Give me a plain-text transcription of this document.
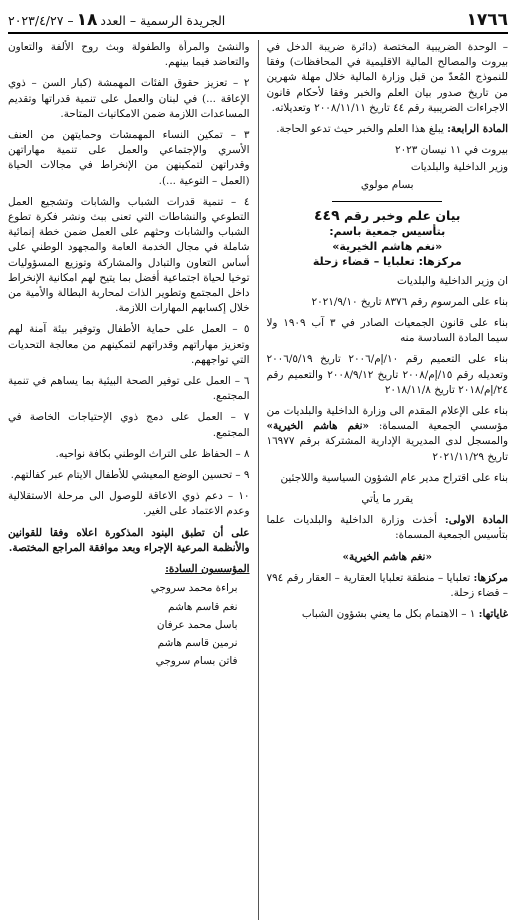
١٧٦٦
الجريدة الرسمية – العدد١٨– ٢٠٢٣/٤/٢٧

– الوحدة الضريبية المختصة (دائرة ضريبة الدخل في بيروت والمصالح المالية الاقليمية في المحافظات) وفقا للنموذج المُعدّ من قبل وزارة المالية خلال مهلة شهرين من تاريخ صدور بيان العلم والخبر وفقا لأحكام قانون الاجراءات الضريبية رقم ٤٤ تاريخ ٢٠٠٨/١١/١١ وتعديلاته.

المادة الرابعة: يبلغ هذا العلم والخبر حيث تدعو الحاجة.

بيروت في ١١ نيسان ٢٠٢٣

وزير الداخلية والبلديات

بسام مولوي

بيان علم وخبر رقم ٤٤٩
بتأسيس جمعية باسم:
«نغم هاشم الخيرية»
مركزها: تعلبايا – قضاء زحلة

ان وزير الداخلية والبلديات

بناء على المرسوم رقم ٨٣٧٦ تاريخ ٢٠٢١/٩/١٠

بناء على قانون الجمعيات الصادر في ٣ آب ١٩٠٩ ولا سيما المادة السادسة منه

بناء على التعميم رقم ١٠/إم/٢٠٠٦ تاريخ ٢٠٠٦/٥/١٩ وتعديله رقم ١٥/إم/٢٠٠٨ تاريخ ٢٠٠٨/٩/١٢ والتعميم رقم ٢٤/إم/٢٠١٨ تاريخ ٢٠١٨/١١/٨

بناء على الإعلام المقدم الى وزارة الداخلية والبلديات من مؤسسي الجمعية المسماة: «نغم هاشم الخيرية» والمسجل لدى المديرية الإدارية المشتركة برقم ١٦٩٧٧ تاريخ ٢٠٢١/١١/٢٩

بناء على اقتراح مدير عام الشؤون السياسية واللاجئين

يقرر ما يأتي

المادة الاولى: أخذت وزارة الداخلية والبلديات علما بتأسيس الجمعية المسماة:

«نغم هاشم الخيرية»

مركزها: تعلبايا – منطقة تعلبايا العقارية – العقار رقم ٧٩٤ – قضاء زحلة.

غاياتها: ١ – الاهتمام بكل ما يعني بشؤون الشباب

والنشئ والمرأة والطفولة وبث روح الألفة والتعاون والتعاضد فيما بينهم.

٢ – تعزيز حقوق الفئات المهمشة (كبار السن – ذوي الإعاقة ...) في لبنان والعمل على تنمية قدراتها وتقديم المساعدات اللازمة ضمن الامكانيات المتاحة.

٣ – تمكين النساء المهمشات وحمايتهن من العنف الأسري والإجتماعي والعمل على تنمية مهاراتهن وقدراتهن لتمكينهن من الإنخراط في مجالات الحياة (العمل – التوعية ...).

٤ – تنمية قدرات الشباب والشابات وتشجيع العمل التطوعي والنشاطات التي تعنى ببث ونشر فكرة تطوع الشباب والشابات وحثهم على العمل ضمن خطة إنمائية شاملة في مجال الخدمة العامة والمجهود الوطني على أساس التعاون والتبادل والمشاركة وتوزيع المسؤوليات توخيا لحياة اجتماعية أفضل بما يتيح لهم امكانية الإنخراط داخل المجتمع وتطوير الذات لمحاربة البطالة والأمية من خلال إكسابهم المهارات اللازمة.

٥ – العمل على حماية الأطفال وتوفير بيئة آمنة لهم وتعزيز مهاراتهم وقدراتهم لتمكينهم من معالجة التحديات التي تواجههم.

٦ – العمل على توفير الصحة البيئية بما يساهم في تنمية المجتمع.

٧ – العمل على دمج ذوي الإحتياجات الخاصة في المجتمع.

٨ – الحفاظ على التراث الوطني بكافة نواحيه.

٩ – تحسين الوضع المعيشي للأطفال الايتام عبر كفالتهم.

١٠ – دعم ذوي الاعاقة للوصول الى مرحلة الاستقلالية وعدم الاعتماد على الغير.

على أن تطبق البنود المذكورة اعلاه وفقا للقوانين والأنظمة المرعية الإجراء وبعد موافقة المراجع المختصة.

المؤسسون السادة:
براءة محمد سروجي
نغم قاسم هاشم
باسل محمد عرفان
نرمين قاسم هاشم
فاتن بسام سروجي
